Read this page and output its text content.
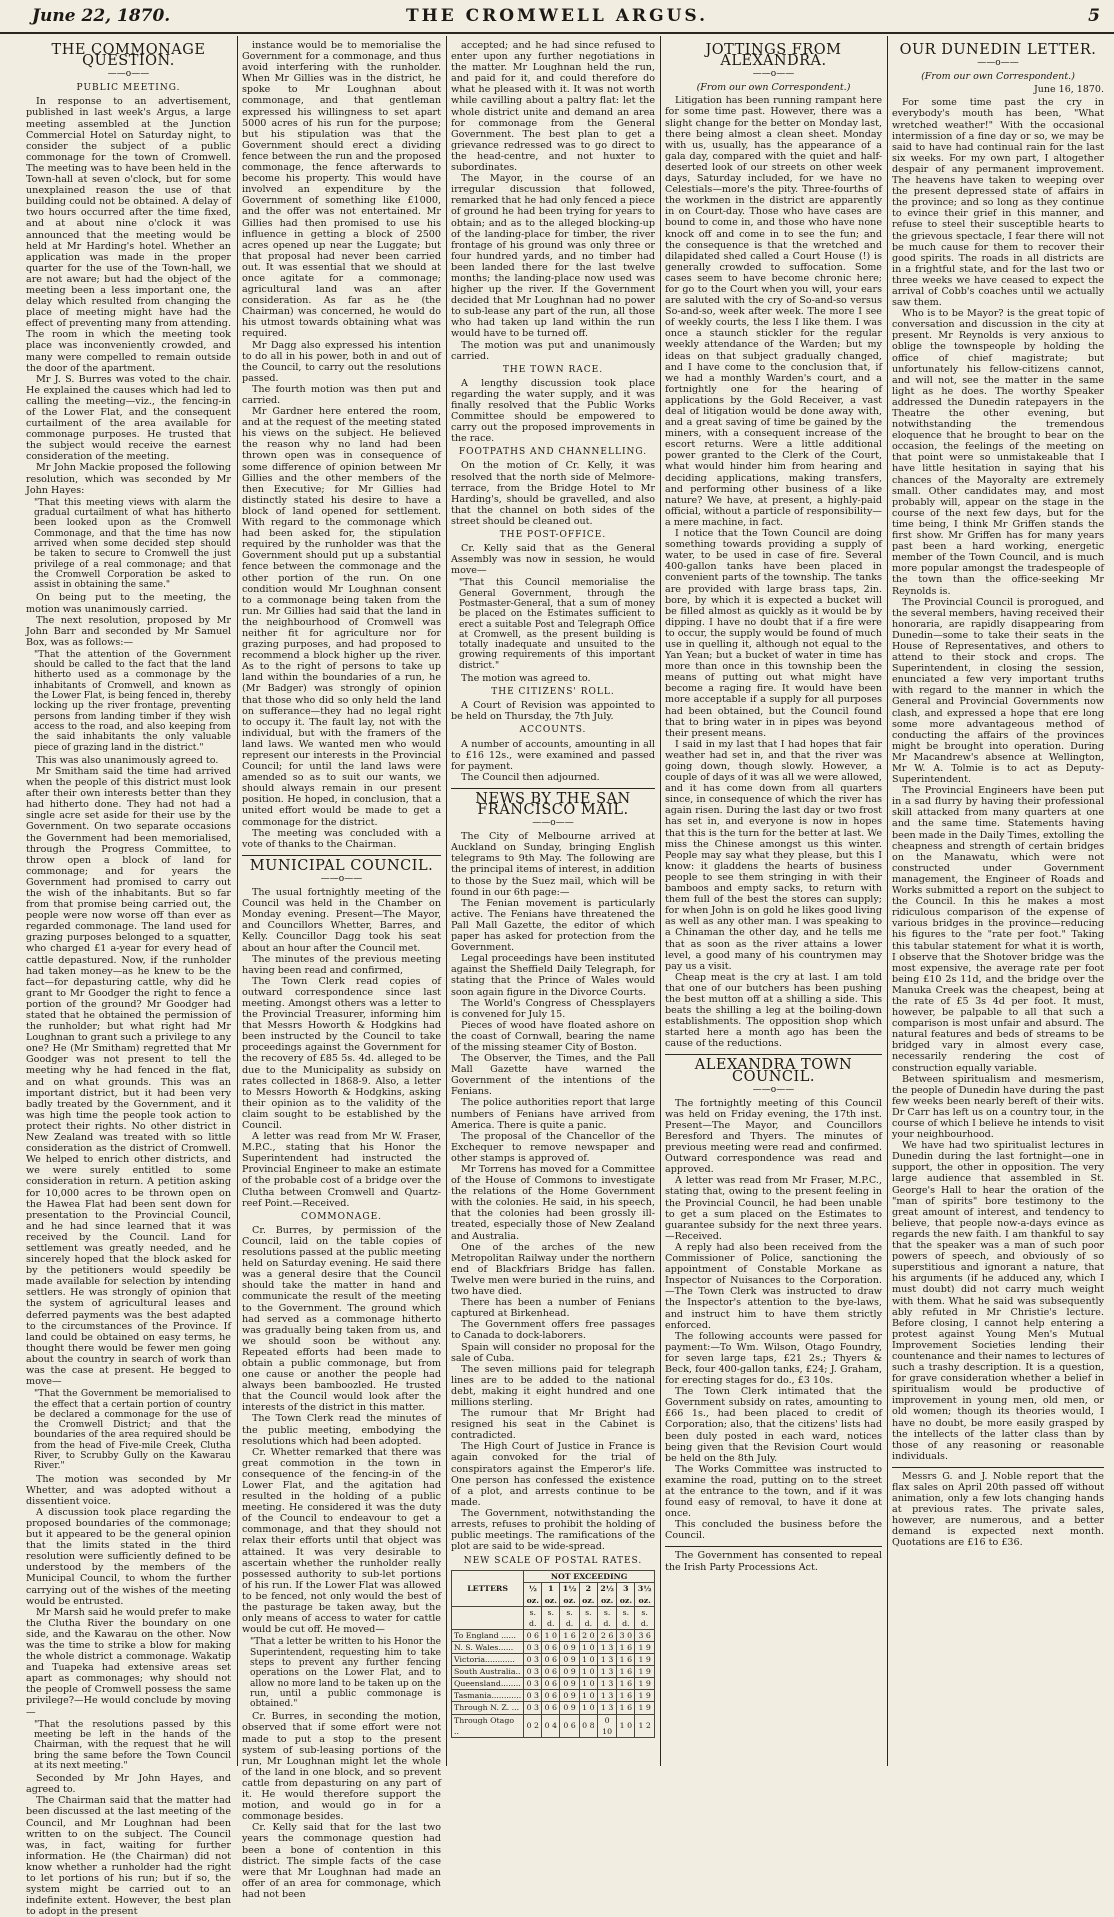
June 22, 1870.	THE CROMWELL ARGUS.	5
THE COMMONAGE QUESTION.
——o——
PUBLIC MEETING.

In response to an advertisement, published in last week's Argus, a large meeting assembled at the Junction Commercial Hotel on Saturday night, to consider the subject of a public commonage for the town of Cromwell. The meeting was to have been held in the Town-hall at seven o'clock, but for some unexplained reason the use of that building could not be obtained. A delay of two hours occurred after the time fixed, and at about nine o'clock it was announced that the meeting would be held at Mr Harding's hotel. Whether an application was made in the proper quarter for the use of the Town-hall, we are not aware; but had the object of the meeting been a less important one, the delay which resulted from changing the place of meeting might have had the effect of preventing many from attending. The room in which the meeting took place was inconveniently crowded, and many were compelled to remain outside the door of the apartment.

Mr J. S. Burres was voted to the chair. He explained the causes which had led to calling the meeting—viz., the fencing-in of the Lower Flat, and the consequent curtailment of the area available for commonage purposes. He trusted that the subject would receive the earnest consideration of the meeting.

Mr John Mackie proposed the following resolution, which was seconded by Mr John Hayes:

"That this meeting views with alarm the gradual curtailment of what has hitherto been looked upon as the Cromwell Commonage, and that the time has now arrived when some decided step should be taken to secure to Cromwell the just privilege of a real commonage; and that the Cromwell Corporation be asked to assist in obtaining the same."

On being put to the meeting, the motion was unanimously carried.

The next resolution, proposed by Mr John Barr and seconded by Mr Samuel Box, was as follows:—

"That the attention of the Government should be called to the fact that the land hitherto used as a commonage by the inhabitants of Cromwell, and known as the Lower Flat, is being fenced in, thereby locking up the river frontage, preventing persons from landing timber if they wish access to the road, and also keeping from the said inhabitants the only valuable piece of grazing land in the district."

This was also unanimously agreed to.

Mr Smitham said the time had arrived when the people of this district must look after their own interests better than they had hitherto done. They had not had a single acre set aside for their use by the Government. On two separate occasions the Government had been memorialised, through the Progress Committee, to throw open a block of land for commonage; and for years the Government had promised to carry out the wish of the inhabitants. But so far from that promise being carried out, the people were now worse off than ever as regarded commonage. The land used for grazing purposes belonged to a squatter, who charged £1 a-year for every head of cattle depastured. Now, if the runholder had taken money—as he knew to be the fact—for depasturing cattle, why did he grant to Mr Goodger the right to fence a portion of the ground? Mr Goodger had stated that he obtained the permission of the runholder; but what right had Mr Loughnan to grant such a privilege to any one? He (Mr Smitham) regretted that Mr Goodger was not present to tell the meeting why he had fenced in the flat, and on what grounds. This was an important district, but it had been very badly treated by the Government, and it was high time the people took action to protect their rights. No other district in New Zealand was treated with so little consideration as the district of Cromwell. We helped to enrich other districts, and we were surely entitled to some consideration in return. A petition asking for 10,000 acres to be thrown open on the Hawea Flat had been sent down for presentation to the Provincial Council, and he had since learned that it was received by the Council. Land for settlement was greatly needed, and he sincerely hoped that the block asked for by the petitioners would speedily be made available for selection by intending settlers. He was strongly of opinion that the system of agricultural leases and deferred payments was the best adapted to the circumstances of the Province. If land could be obtained on easy terms, he thought there would be fewer men going about the country in search of work than was the case at present. He begged to move—

"That the Government be memorialised to the effect that a certain portion of country be declared a commonage for the use of the Cromwell District; and that the boundaries of the area required should be from the head of Five-mile Creek, Clutha River, to Scrubby Gully on the Kawarau River."

The motion was seconded by Mr Whetter, and was adopted without a dissentient voice.

A discussion took place regarding the proposed boundaries of the commonage; but it appeared to be the general opinion that the limits stated in the third resolution were sufficiently defined to be understood by the members of the Municipal Council, to whom the further carrying out of the wishes of the meeting would be entrusted.

Mr Marsh said he would prefer to make the Clutha River the boundary on one side, and the Kawarau on the other. Now was the time to strike a blow for making the whole district a commonage. Wakatip and Tuapeka had extensive areas set apart as commonages; why should not the people of Cromwell possess the same privilege?—He would conclude by moving—

"That the resolutions passed by this meeting be left in the hands of the Chairman, with the request that he will bring the same before the Town Council at its next meeting."

Seconded by Mr John Hayes, and agreed to.

The Chairman said that the matter had been discussed at the last meeting of the Council, and Mr Loughnan had been written to on the subject. The Council was, in fact, waiting for further information. He (the Chairman) did not know whether a runholder had the right to let portions of his run; but if so, the system might be carried out to an indefinite extent. However, the best plan to adopt in the present

instance would be to memorialise the Government for a commonage, and thus avoid interfering with the runholder. When Mr Gillies was in the district, he spoke to Mr Loughnan about commonage, and that gentleman expressed his willingness to set apart 5000 acres of his run for the purpose; but his stipulation was that the Government should erect a dividing fence between the run and the proposed commonage, the fence afterwards to become his property. This would have involved an expenditure by the Government of something like £1000, and the offer was not entertained. Mr Gillies had then promised to use his influence in getting a block of 2500 acres opened up near the Luggate; but that proposal had never been carried out. It was essential that we should at once agitate for a commonage; agricultural land was an after consideration. As far as he (the Chairman) was concerned, he would do his utmost towards obtaining what was required.

Mr Dagg also expressed his intention to do all in his power, both in and out of the Council, to carry out the resolutions passed.

The fourth motion was then put and carried.

Mr Gardner here entered the room, and at the request of the meeting stated his views on the subject. He believed the reason why no land had been thrown open was in consequence of some difference of opinion between Mr Gillies and the other members of the then Executive; for Mr Gillies had distinctly stated his desire to have a block of land opened for settlement. With regard to the commonage which had been asked for, the stipulation required by the runholder was that the Government should put up a substantial fence between the commonage and the other portion of the run. On one condition would Mr Loughnan consent to a commonage being taken from the run. Mr Gillies had said that the land in the neighbourhood of Cromwell was neither fit for agriculture nor for grazing purposes, and had proposed to recommend a block higher up the river. As to the right of persons to take up land within the boundaries of a run, he (Mr Badger) was strongly of opinion that those who did so only held the land on sufferance—they had no legal right to occupy it. The fault lay, not with the individual, but with the framers of the land laws. We wanted men who would represent our interests in the Provincial Council; for until the land laws were amended so as to suit our wants, we should always remain in our present position. He hoped, in conclusion, that a united effort would be made to get a commonage for the district.

The meeting was concluded with a vote of thanks to the Chairman.

MUNICIPAL COUNCIL.
——o——

The usual fortnightly meeting of the Council was held in the Chamber on Monday evening. Present—The Mayor, and Councillors Whetter, Barres, and Kelly. Councillor Dagg took his seat about an hour after the Council met.

The minutes of the previous meeting having been read and confirmed,

The Town Clerk read copies of outward correspondence since last meeting. Amongst others was a letter to the Provincial Treasurer, informing him that Messrs Howorth & Hodgkins had been instructed by the Council to take proceedings against the Government for the recovery of £85 5s. 4d. alleged to be due to the Municipality as subsidy on rates collected in 1868-9. Also, a letter to Messrs Howorth & Hodgkins, asking their opinion as to the validity of the claim sought to be established by the Council.

A letter was read from Mr W. Fraser, M.P.C., stating that his Honor the Superintendent had instructed the Provincial Engineer to make an estimate of the probable cost of a bridge over the Clutha between Cromwell and Quartz-reef Point.—Received.

COMMONAGE.

Cr. Burres, by permission of the Council, laid on the table copies of resolutions passed at the public meeting held on Saturday evening. He said there was a general desire that the Council should take the matter in hand and communicate the result of the meeting to the Government. The ground which had served as a commonage hitherto was gradually being taken from us, and we should soon be without any. Repeated efforts had been made to obtain a public commonage, but from one cause or another the people had always been bamboozled. He trusted that the Council would look after the interests of the district in this matter.

The Town Clerk read the minutes of the public meeting, embodying the resolutions which had been adopted.

Cr. Whetter remarked that there was great commotion in the town in consequence of the fencing-in of the Lower Flat, and the agitation had resulted in the holding of a public meeting. He considered it was the duty of the Council to endeavour to get a commonage, and that they should not relax their efforts until that object was attained. It was very desirable to ascertain whether the runholder really possessed authority to sub-let portions of his run. If the Lower Flat was allowed to be fenced, not only would the best of the pasturage be taken away, but the only means of access to water for cattle would be cut off. He moved—

"That a letter be written to his Honor the Superintendent, requesting him to take steps to prevent any further fencing operations on the Lower Flat, and to allow no more land to be taken up on the run, until a public commonage is obtained."

Cr. Burres, in seconding the motion, observed that if some effort were not made to put a stop to the present system of sub-leasing portions of the run, Mr Loughnan might let the whole of the land in one block, and so prevent cattle from depasturing on any part of it. He would therefore support the motion, and would go in for a commonage besides.

Cr. Kelly said that for the last two years the commonage question had been a bone of contention in this district. The simple facts of the case were that Mr Loughnan had made an offer of an area for commonage, which had not been

accepted; and he had since refused to enter upon any further negotiations in the matter. Mr Loughnan held the run, and paid for it, and could therefore do what he pleased with it. It was not worth while cavilling about a paltry flat: let the whole district unite and demand an area for commonage from the General Government. The best plan to get a grievance redressed was to go direct to the head-centre, and not huxter to subordinates.

The Mayor, in the course of an irregular discussion that followed, remarked that he had only fenced a piece of ground he had been trying for years to obtain; and as to the alleged blocking-up of the landing-place for timber, the river frontage of his ground was only three or four hundred yards, and no timber had been landed there for the last twelve months; the landing-place now used was higher up the river. If the Government decided that Mr Loughnan had no power to sub-lease any part of the run, all those who had taken up land within the run would have to be turned off.

The motion was put and unanimously carried.

THE TOWN RACE.

A lengthy discussion took place regarding the water supply, and it was finally resolved that the Public Works Committee should be empowered to carry out the proposed improvements in the race.

FOOTPATHS AND CHANNELLING.

On the motion of Cr. Kelly, it was resolved that the north side of Melmore-terrace, from the Bridge Hotel to Mr Harding's, should be gravelled, and also that the channel on both sides of the street should be cleaned out.

THE POST-OFFICE.

Cr. Kelly said that as the General Assembly was now in session, he would move—

"That this Council memorialise the General Government, through the Postmaster-General, that a sum of money be placed on the Estimates sufficient to erect a suitable Post and Telegraph Office at Cromwell, as the present building is totally inadequate and unsuited to the growing requirements of this important district."

The motion was agreed to.

THE CITIZENS' ROLL.

A Court of Revision was appointed to be held on Thursday, the 7th July.

ACCOUNTS.

A number of accounts, amounting in all to £16 12s., were examined and passed for payment.

The Council then adjourned.

NEWS BY THE SAN FRANCISCO MAIL.
——o——

The City of Melbourne arrived at Auckland on Sunday, bringing English telegrams to 9th May. The following are the principal items of interest, in addition to those by the Suez mail, which will be found in our 6th page:—

The Fenian movement is particularly active. The Fenians have threatened the Pall Mall Gazette, the editor of which paper has asked for protection from the Government.

Legal proceedings have been instituted against the Sheffield Daily Telegraph, for stating that the Prince of Wales would soon again figure in the Divorce Courts.

The World's Congress of Chessplayers is convened for July 15.

Pieces of wood have floated ashore on the coast of Cornwall, bearing the name of the missing steamer City of Boston.

The Observer, the Times, and the Pall Mall Gazette have warned the Government of the intentions of the Fenians.

The police authorities report that large numbers of Fenians have arrived from America. There is quite a panic.

The proposal of the Chancellor of the Exchequer to remove newspaper and other stamps is approved of.

Mr Torrens has moved for a Committee of the House of Commons to investigate the relations of the Home Government with the colonies. He said, in his speech, that the colonies had been grossly ill-treated, especially those of New Zealand and Australia.

One of the arches of the new Metropolitan Railway under the northern end of Blackfriars Bridge has fallen. Twelve men were buried in the ruins, and two have died.

There has been a number of Fenians captured at Birkenhead.

The Government offers free passages to Canada to dock-laborers.

Spain will consider no proposal for the sale of Cuba.

The seven millions paid for telegraph lines are to be added to the national debt, making it eight hundred and one millions sterling.

The rumour that Mr Bright had resigned his seat in the Cabinet is contradicted.

The High Court of Justice in France is again convoked for the trial of conspirators against the Emperor's life. One person has confessed the existence of a plot, and arrests continue to be made.

The Government, notwithstanding the arrests, refuses to prohibit the holding of public meetings. The ramifications of the plot are said to be wide-spread.

NEW SCALE OF POSTAL RATES.
LETTERS	NOT EXCEEDING						
	½ oz.	1 oz.	1½ oz.	2 oz.	2½ oz.	3 oz.	3½ oz.
	s. d.	s. d.	s. d.	s. d.	s. d.	s. d.	s. d.
To England ......	0 6	1 0	1 6	2 0	2 6	3 0	3 6
N. S. Wales......	0 3	0 6	0 9	1 0	1 3	1 6	1 9
Victoria............	0 3	0 6	0 9	1 0	1 3	1 6	1 9
South Australia..	0 3	0 6	0 9	1 0	1 3	1 6	1 9
Queensland........	0 3	0 6	0 9	1 0	1 3	1 6	1 9
Tasmania............	0 3	0 6	0 9	1 0	1 3	1 6	1 9
Through N. Z. ...	0 3	0 6	0 9	1 0	1 3	1 6	1 9
Through Otago ..	0 2	0 4	0 6	0 8	0 10	1 0	1 2
JOTTINGS FROM ALEXANDRA.
——o——
(From our own Correspondent.)

Litigation has been running rampant here for some time past. However, there was a slight change for the better on Monday last, there being almost a clean sheet. Monday with us, usually, has the appearance of a gala day, compared with the quiet and half-deserted look of our streets on other week days, Saturday included, for we have no Celestials—more's the pity. Three-fourths of the workmen in the district are apparently in on Court-day. Those who have cases are bound to come in, and those who have none knock off and come in to see the fun; and the consequence is that the wretched and dilapidated shed called a Court House (!) is generally crowded to suffocation. Some cases seem to have become chronic here; for go to the Court when you will, your ears are saluted with the cry of So-and-so versus So-and-so, week after week. The more I see of weekly courts, the less I like them. I was once a staunch stickler for the regular weekly attendance of the Warden; but my ideas on that subject gradually changed, and I have come to the conclusion that, if we had a monthly Warden's court, and a fortnightly one for the hearing of applications by the Gold Receiver, a vast deal of litigation would be done away with, and a great saving of time be gained by the miners, with a consequent increase of the escort returns. Were a little additional power granted to the Clerk of the Court, what would hinder him from hearing and deciding applications, making transfers, and performing other business of a like nature? We have, at present, a highly-paid official, without a particle of responsibility—a mere machine, in fact.

I notice that the Town Council are doing something towards providing a supply of water, to be used in case of fire. Several 400-gallon tanks have been placed in convenient parts of the township. The tanks are provided with large brass taps, 2in. bore, by which it is expected a bucket will be filled almost as quickly as it would be by dipping. I have no doubt that if a fire were to occur, the supply would be found of much use in quelling it, although not equal to the Yan Yean; but a bucket of water in time has more than once in this township been the means of putting out what might have become a raging fire. It would have been more acceptable if a supply for all purposes had been obtained, but the Council found that to bring water in in pipes was beyond their present means.

I said in my last that I had hopes that fair weather had set in, and that the river was going down, though slowly. However, a couple of days of it was all we were allowed, and it has come down from all quarters since, in consequence of which the river has again risen. During the last day or two frost has set in, and everyone is now in hopes that this is the turn for the better at last. We miss the Chinese amongst us this winter. People may say what they please, but this I know: it gladdens the hearts of business people to see them stringing in with their bamboos and empty sacks, to return with them full of the best the stores can supply; for when John is on gold he likes good living as well as any other man. I was speaking to a Chinaman the other day, and he tells me that as soon as the river attains a lower level, a good many of his countrymen may pay us a visit.

Cheap meat is the cry at last. I am told that one of our butchers has been pushing the best mutton off at a shilling a side. This beats the shilling a leg at the boiling-down establishments. The opposition shop which started here a month ago has been the cause of the reductions.

ALEXANDRA TOWN COUNCIL.
——o——

The fortnightly meeting of this Council was held on Friday evening, the 17th inst. Present—The Mayor, and Councillors Beresford and Thyers. The minutes of previous meeting were read and confirmed. Outward correspondence was read and approved.

A letter was read from Mr Fraser, M.P.C., stating that, owing to the present feeling in the Provincial Council, he had been unable to get a sum placed on the Estimates to guarantee subsidy for the next three years.—Received.

A reply had also been received from the Commissioner of Police, sanctioning the appointment of Constable Morkane as Inspector of Nuisances to the Corporation.—The Town Clerk was instructed to draw the Inspector's attention to the bye-laws, and instruct him to have them strictly enforced.

The following accounts were passed for payment:—To Wm. Wilson, Otago Foundry, for seven large taps, £21 2s.; Thyers & Beck, four 400-gallon tanks, £24; J. Graham, for erecting stages for do., £3 10s.

The Town Clerk intimated that the Government subsidy on rates, amounting to £66 1s., had been placed to credit of Corporation; also, that the citizens' lists had been duly posted in each ward, notices being given that the Revision Court would be held on the 8th July.

The Works Committee was instructed to examine the road, putting on to the street at the entrance to the town, and if it was found easy of removal, to have it done at once.

This concluded the business before the Council.

The Government has consented to repeal the Irish Party Processions Act.

OUR DUNEDIN LETTER.
——o——
(From our own Correspondent.)
June 16, 1870.

For some time past the cry in everybody's mouth has been, "What wretched weather!" With the occasional intermission of a fine day or so, we may be said to have had continual rain for the last six weeks. For my own part, I altogether despair of any permanent improvement. The heavens have taken to weeping over the present depressed state of affairs in the province; and so long as they continue to evince their grief in this manner, and refuse to steel their susceptible hearts to the grievous spectacle, I fear there will not be much cause for them to recover their good spirits. The roads in all districts are in a frightful state, and for the last two or three weeks we have ceased to expect the arrival of Cobb's coaches until we actually saw them.

Who is to be Mayor? is the great topic of conversation and discussion in the city at present. Mr Reynolds is very anxious to oblige the townspeople by holding the office of chief magistrate; but unfortunately his fellow-citizens cannot, and will not, see the matter in the same light as he does. The worthy Speaker addressed the Dunedin ratepayers in the Theatre the other evening, but notwithstanding the tremendous eloquence that he brought to bear on the occasion, the feelings of the meeting on that point were so unmistakeable that I have little hesitation in saying that his chances of the Mayoralty are extremely small. Other candidates may, and most probably will, appear on the stage in the course of the next few days, but for the time being, I think Mr Griffen stands the first show. Mr Griffen has for many years past been a hard working, energetic member of the Town Council, and is much more popular amongst the tradespeople of the town than the office-seeking Mr Reynolds is.

The Provincial Council is prorogued, and the several members, having received their honoraria, are rapidly disappearing from Dunedin—some to take their seats in the House of Representatives, and others to attend to their stock and crops. The Superintendent, in closing the session, enunciated a few very important truths with regard to the manner in which the General and Provincial Governments now clash, and expressed a hope that ere long some more advantageous method of conducting the affairs of the provinces might be brought into operation. During Mr Macandrew's absence at Wellington, Mr W. A. Tolmie is to act as Deputy-Superintendent.

The Provincial Engineers have been put in a sad flurry by having their professional skill attacked from many quarters at one and the same time. Statements having been made in the Daily Times, extolling the cheapness and strength of certain bridges on the Manawatu, which were not constructed under Government management, the Engineer of Roads and Works submitted a report on the subject to the Council. In this he makes a most ridiculous comparison of the expense of various bridges in the province—reducing his figures to the "rate per foot." Taking this tabular statement for what it is worth, I observe that the Shotover bridge was the most expensive, the average rate per foot being £10 2s 11d, and the bridge over the Manuka Creek was the cheapest, being at the rate of £5 3s 4d per foot. It must, however, be palpable to all that such a comparison is most unfair and absurd. The natural features and beds of streams to be bridged vary in almost every case, necessarily rendering the cost of construction equally variable.

Between spiritualism and mesmerism, the people of Dunedin have during the past few weeks been nearly bereft of their wits. Dr Carr has left us on a country tour, in the course of which I believe he intends to visit your neighbourhood.

We have had two spiritualist lectures in Dunedin during the last fortnight—one in support, the other in opposition. The very large audience that assembled in St. George's Hall to hear the oration of the "man of spirits" bore testimony to the great amount of interest, and tendency to believe, that people now-a-days evince as regards the new faith. I am thankful to say that the speaker was a man of such poor powers of speech, and obviously of so superstitious and ignorant a nature, that his arguments (if he adduced any, which I must doubt) did not carry much weight with them. What he said was subsequently ably refuted in Mr Christie's lecture. Before closing, I cannot help entering a protest against Young Men's Mutual Improvement Societies lending their countenance and their names to lectures of such a trashy description. It is a question, for grave consideration whether a belief in spiritualism would be productive of improvement in young men, old men, or old women; though its theories would, I have no doubt, be more easily grasped by the intellects of the latter class than by those of any reasoning or reasonable individuals.

Messrs G. and J. Noble report that the flax sales on April 20th passed off without animation, only a few lots changing hands at previous rates. The private sales, however, are numerous, and a better demand is expected next month. Quotations are £16 to £36.
